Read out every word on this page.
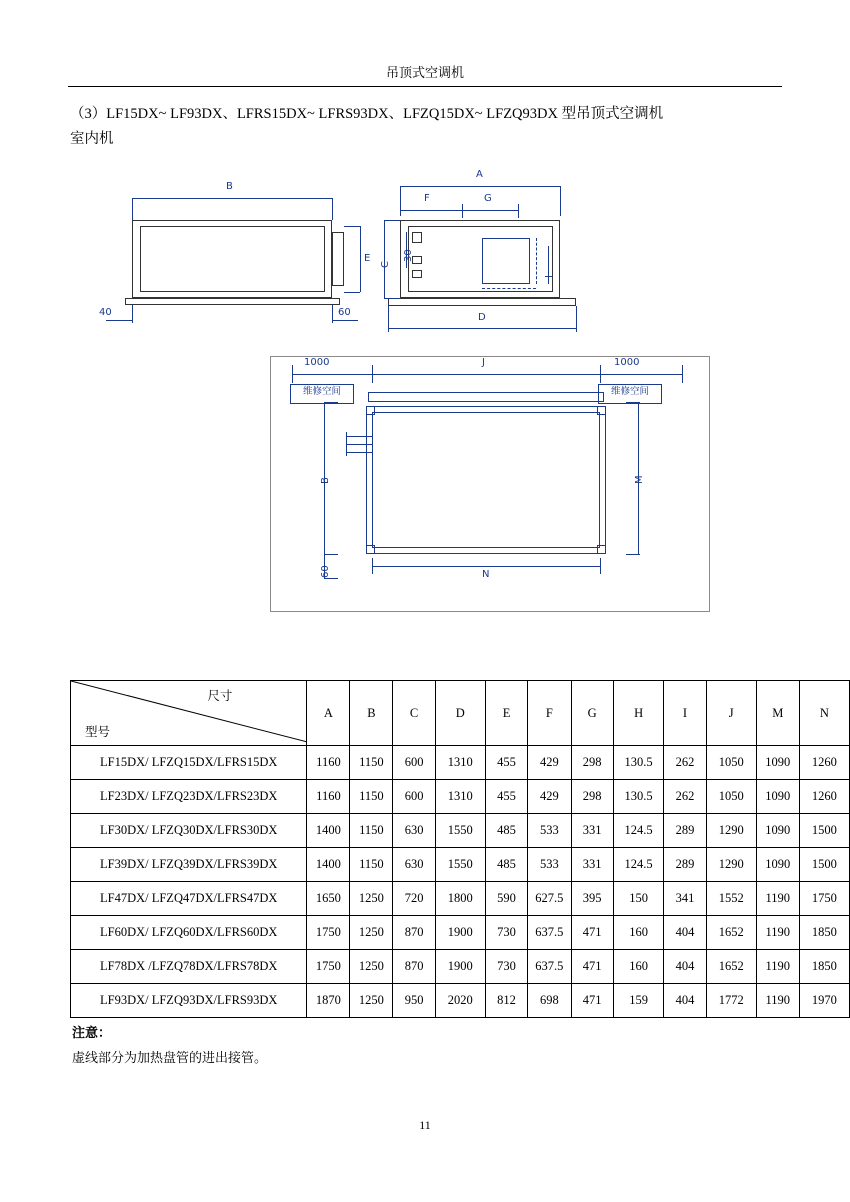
吊顶式空调机
（3）LF15DX~ LF93DX、LFRS15DX~ LFRS93DX、LFZQ15DX~ LFZQ93DX 型吊顶式空调机
室内机
B
E
40	60
A
F	G
C
30
I
D
1000	1000
J
维修空间	维修空间
B	M
60	N
尺寸
型号	A	B	C	D	E	F	G	H	I	J	M	N
LF15DX/ LFZQ15DX/LFRS15DX	1160	1150	600	1310	455	429	298	130.5	262	1050	1090	1260
LF23DX/ LFZQ23DX/LFRS23DX	1160	1150	600	1310	455	429	298	130.5	262	1050	1090	1260
LF30DX/ LFZQ30DX/LFRS30DX	1400	1150	630	1550	485	533	331	124.5	289	1290	1090	1500
LF39DX/ LFZQ39DX/LFRS39DX	1400	1150	630	1550	485	533	331	124.5	289	1290	1090	1500
LF47DX/ LFZQ47DX/LFRS47DX	1650	1250	720	1800	590	627.5	395	150	341	1552	1190	1750
LF60DX/ LFZQ60DX/LFRS60DX	1750	1250	870	1900	730	637.5	471	160	404	1652	1190	1850
LF78DX /LFZQ78DX/LFRS78DX	1750	1250	870	1900	730	637.5	471	160	404	1652	1190	1850
LF93DX/ LFZQ93DX/LFRS93DX	1870	1250	950	2020	812	698	471	159	404	1772	1190	1970
注意：
虚线部分为加热盘管的进出接管。
11
